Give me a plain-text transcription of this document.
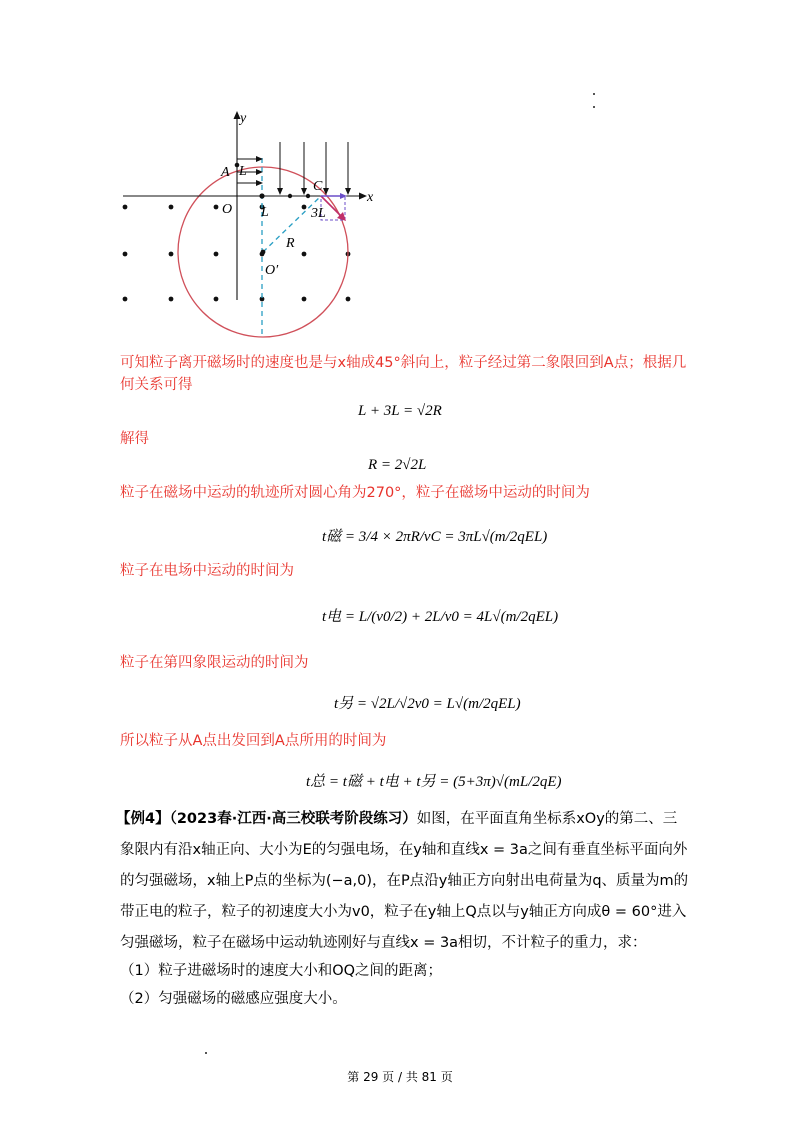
y
x
A L
O L
C
3L
R
O′
可知粒子离开磁场时的速度也是与x轴成45°斜向上，粒子经过第二象限回到A点；根据几
何关系可得
L + 3L = √2R
解得
R = 2√2L
粒子在磁场中运动的轨迹所对圆心角为270°，粒子在磁场中运动的时间为
t磁 = 3/4 × 2πR/vC = 3πL√(m/2qEL)
粒子在电场中运动的时间为
t电 = L/(v0/2) + 2L/v0 = 4L√(m/2qEL)
粒子在第四象限运动的时间为
t另 = √2L/√2v0 = L√(m/2qEL)
所以粒子从A点出发回到A点所用的时间为
t总 = t磁 + t电 + t另 = (5+3π)√(mL/2qE)
【例4】（2023春·江西·高三校联考阶段练习）如图，在平面直角坐标系xOy的第二、三
象限内有沿x轴正向、大小为E的匀强电场，在y轴和直线x = 3a之间有垂直坐标平面向外
的匀强磁场，x轴上P点的坐标为(−a,0)，在P点沿y轴正方向射出电荷量为q、质量为m的
带正电的粒子，粒子的初速度大小为v0，粒子在y轴上Q点以与y轴正方向成θ = 60°进入
匀强磁场，粒子在磁场中运动轨迹刚好与直线x = 3a相切，不计粒子的重力，求：
（1）粒子进磁场时的速度大小和OQ之间的距离；
（2）匀强磁场的磁感应强度大小。
第 29 页 / 共 81 页
